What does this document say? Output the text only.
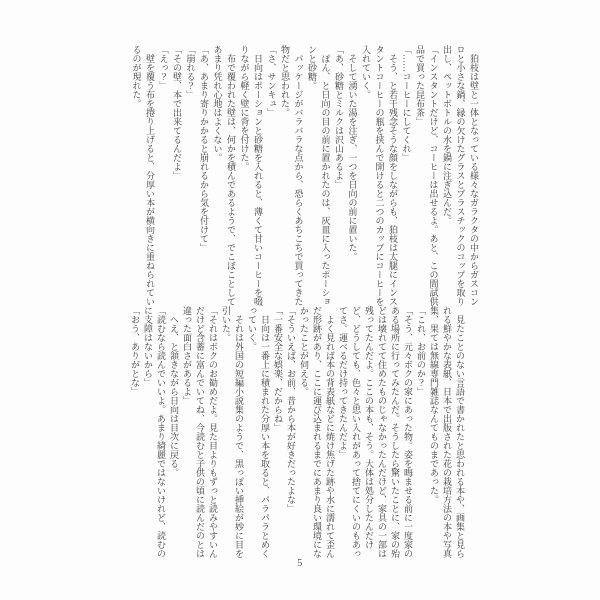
　狛枝は壁と一体となっている様々なガラクタの中からガスコンロと小さな鍋、縁の欠けたグラスとプラスチックのコップを取り出し、ペットボトルの水を鍋に注ぎ込んだ。

「インスタントだけど、コーヒーは出せるよ。あと、この間試供品で買った昆布茶」

「……コーヒーにしてくれ」

　そう、と若干残念そうな顔をしながらも、狛枝は太腿にインスタントコーヒーの瓶を挟んで開けると二つのカップにコーヒーを入れていく。

　そして湧いた湯を注ぎ、一つを日向の前に置いた。

「あ、砂糖とミルクは沢山あるよ」

　ぽん、と日向の目の前に置かれたのは、灰皿に入ったポーションと砂糖。

　パッケージがバラバラな点から、恐らくあちこちで買ってきた物だと思われた。

「さ、サンキュ」

　日向はポーションと砂糖を入れると、薄くて甘いコーヒーを啜りながら軽く壁に背を付けた。

　布で覆われた壁は、何かを積んであるようで、でこぼことしてあまり凭れ心地はよくない。

「あ、あまり寄りかかると崩れるから気を付けて」

「崩れる？」

「その壁、本で出来てるんだよ」

「えっ？」

　壁を覆う布を捲り上げると、分厚い本が横向きに重ねられているのが現れた。

　見たことのない言語で書かれたと思われる本や、画集と見られる鮮やかな表紙、日本で出版された花の栽培方法の本や写真集、果ては無線専門雑誌なんてものまであった。

「これ、お前のか？」

「そう、元々ボクの家にあった物。姿を晦ませる前に一度家のある場所に行ってみたんだ。そうしたら驚いたことに、家の殆どは壊れてて住めたものじゃなかったんだけど、家具の一部は残ってたんだよ。ここの本も、そう。大体は処分したんだけど、どうしても、色々と思い入れがあって捨てにくいのもあってさ。運べるだけ持ってきたんだよ」

　よく見れば本の背表紙などに焼け焦げた跡や水に濡れて歪んだ形跡があり、ここに運び込まれるまでにあまり良い環境になかったことが伺える。

「そういえば、お前、昔から本が好きだったよな」

「一番安全な娯楽、だからね」

　日向は一番上に積まれた分厚い本を取ると、パラパラとめくっていく。

　それは外国の短編小説集のようで、黒っぽい挿絵が妙に目を引いた。

「それはボクのお勧めだよ。見た目よりもずっと読みやすいんだけど含蓄に富んでいてね、今読むと子供の頃に読んだのとは違った面白さがあるよ」

　へえ、と頷きながら日向は目次に戻る。

「読むなら読んでいいよ。あまり綺麗ではないけれど、読むのに支障はないから」

「おう、ありがとな」

5
